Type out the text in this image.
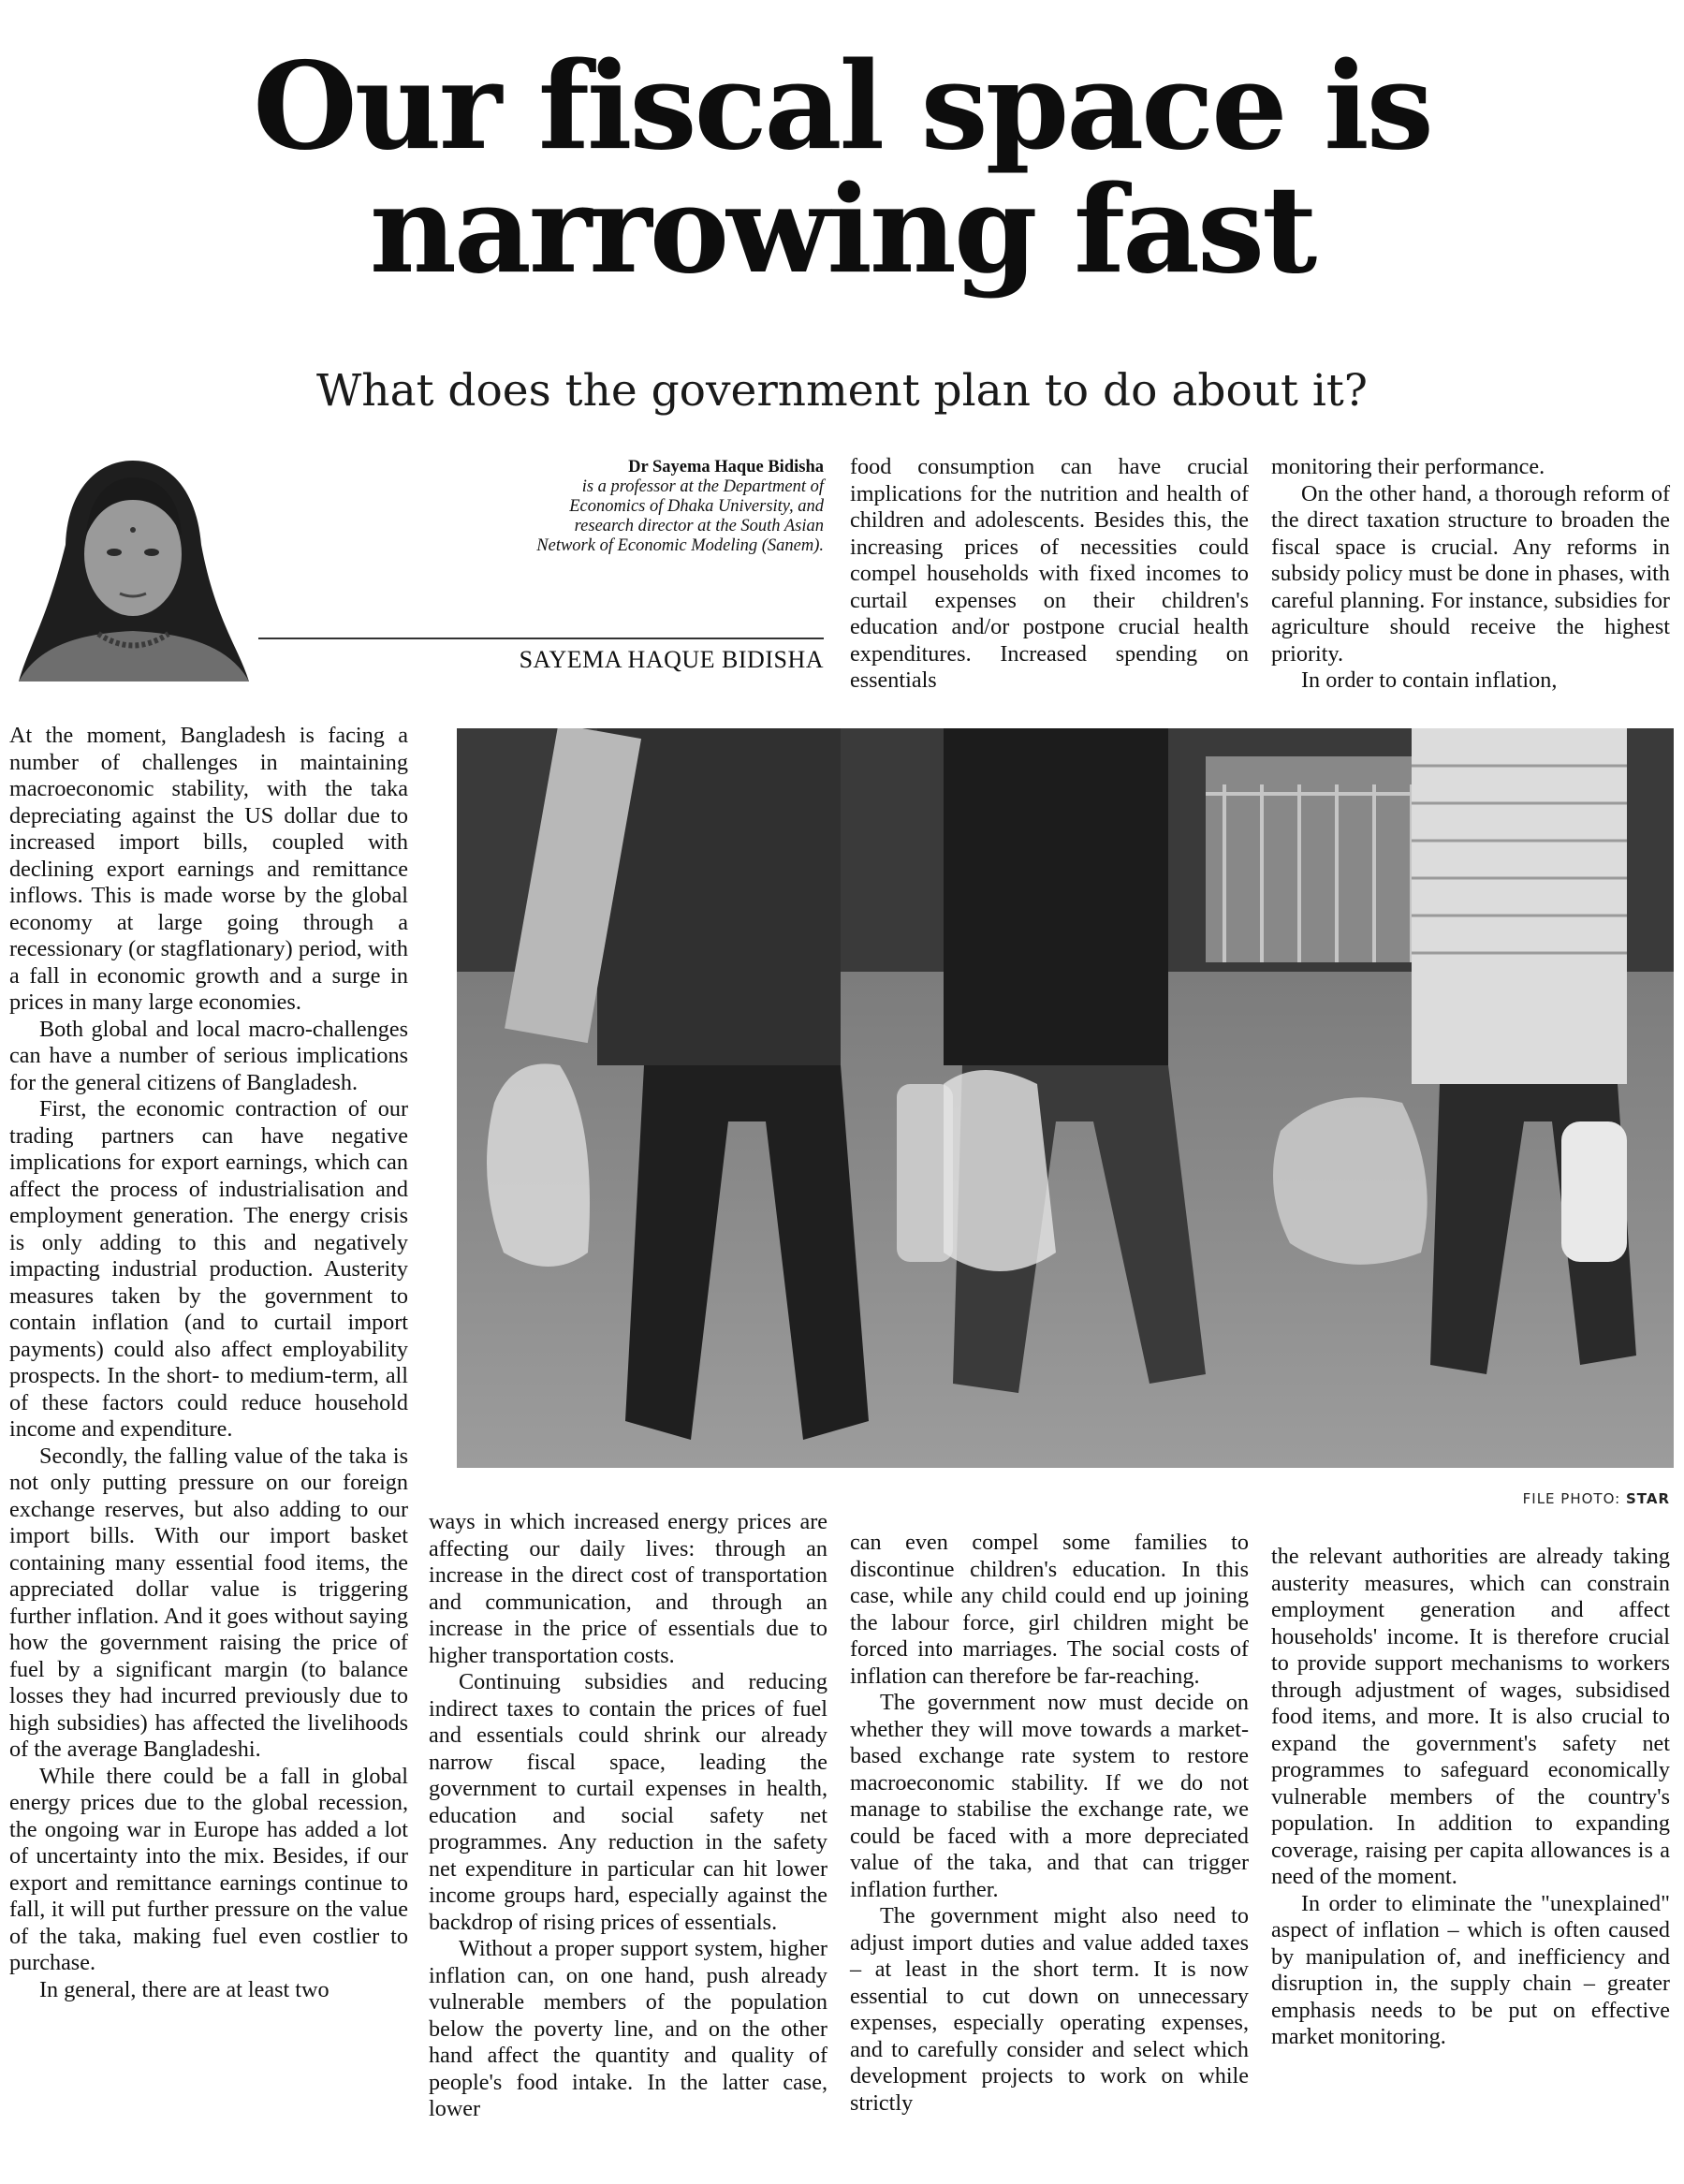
Our fiscal space is
narrowing fast
What does the government plan to do about it?
Dr Sayema Haque Bidisha
is a professor at the Department of
Economics of Dhaka University, and
research director at the South Asian
Network of Economic Modeling (Sanem).
SAYEMA HAQUE BIDISHA

At the moment, Bangladesh is facing a number of challenges in maintaining macroeconomic stability, with the taka depreciating against the US dollar due to increased import bills, coupled with declining export earnings and remittance inflows. This is made worse by the global economy at large going through a recessionary (or stagflationary) period, with a fall in economic growth and a surge in prices in many large economies.

Both global and local macro-challenges can have a number of serious implications for the general citizens of Bangladesh.

First, the economic contraction of our trading partners can have negative implications for export earnings, which can affect the process of industrialisation and employment generation. The energy crisis is only adding to this and negatively impacting industrial production. Austerity measures taken by the government to contain inflation (and to curtail import payments) could also affect employability prospects. In the short- to medium-term, all of these factors could reduce household income and expenditure.

Secondly, the falling value of the taka is not only putting pressure on our foreign exchange reserves, but also adding to our import bills. With our import basket containing many essential food items, the appreciated dollar value is triggering further inflation. And it goes without saying how the government raising the price of fuel by a significant margin (to balance losses they had incurred previously due to high subsidies) has affected the livelihoods of the average Bangladeshi.

While there could be a fall in global energy prices due to the global recession, the ongoing war in Europe has added a lot of uncertainty into the mix. Besides, if our export and remittance earnings continue to fall, it will put further pressure on the value of the taka, making fuel even costlier to purchase.

In general, there are at least two

food consumption can have crucial implications for the nutrition and health of children and adolescents. Besides this, the increasing prices of necessities could compel households with fixed incomes to curtail expenses on their children's education and/or postpone crucial health expenditures. Increased spending on essentials

monitoring their performance.

On the other hand, a thorough reform of the direct taxation structure to broaden the fiscal space is crucial. Any reforms in subsidy policy must be done in phases, with careful planning. For instance, subsidies for agriculture should receive the highest priority.

In order to contain inflation,

FILE PHOTO: STAR

ways in which increased energy prices are affecting our daily lives: through an increase in the direct cost of transportation and communication, and through an increase in the price of essentials due to higher transportation costs.

Continuing subsidies and reducing indirect taxes to contain the prices of fuel and essentials could shrink our already narrow fiscal space, leading the government to curtail expenses in health, education and social safety net programmes. Any reduction in the safety net expenditure in particular can hit lower income groups hard, especially against the backdrop of rising prices of essentials.

Without a proper support system, higher inflation can, on one hand, push already vulnerable members of the population below the poverty line, and on the other hand affect the quantity and quality of people's food intake. In the latter case, lower

can even compel some families to discontinue children's education. In this case, while any child could end up joining the labour force, girl children might be forced into marriages. The social costs of inflation can therefore be far-reaching.

The government now must decide on whether they will move towards a market-based exchange rate system to restore macroeconomic stability. If we do not manage to stabilise the exchange rate, we could be faced with a more depreciated value of the taka, and that can trigger inflation further.

The government might also need to adjust import duties and value added taxes – at least in the short term. It is now essential to cut down on unnecessary expenses, especially operating expenses, and to carefully consider and select which development projects to work on while strictly

the relevant authorities are already taking austerity measures, which can constrain employment generation and affect households' income. It is therefore crucial to provide support mechanisms to workers through adjustment of wages, subsidised food items, and more. It is also crucial to expand the government's safety net programmes to safeguard economically vulnerable members of the country's population. In addition to expanding coverage, raising per capita allowances is a need of the moment.

In order to eliminate the "unexplained" aspect of inflation – which is often caused by manipulation of, and inefficiency and disruption in, the supply chain – greater emphasis needs to be put on effective market monitoring.
